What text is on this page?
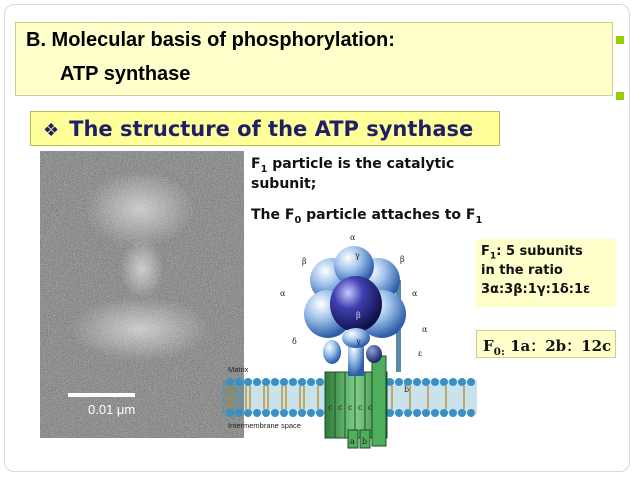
B. Molecular basis of phosphorylation:
ATP synthase
❖ The structure of the ATP synthase
0.01 μm
$F_1$ particle is the catalytic
subunit;
The $F_0$ particle attaches to $F_1$
α
β
γ	β
α
β
α
δ	γ
α
ε
b
c c c c c
a b
Matrix
Intermembrane space
$F_1$: 5 subunits
in the ratio
3α:3β:1γ:1δ:1ε
$F_{0:}$ 1a：2b：12c
